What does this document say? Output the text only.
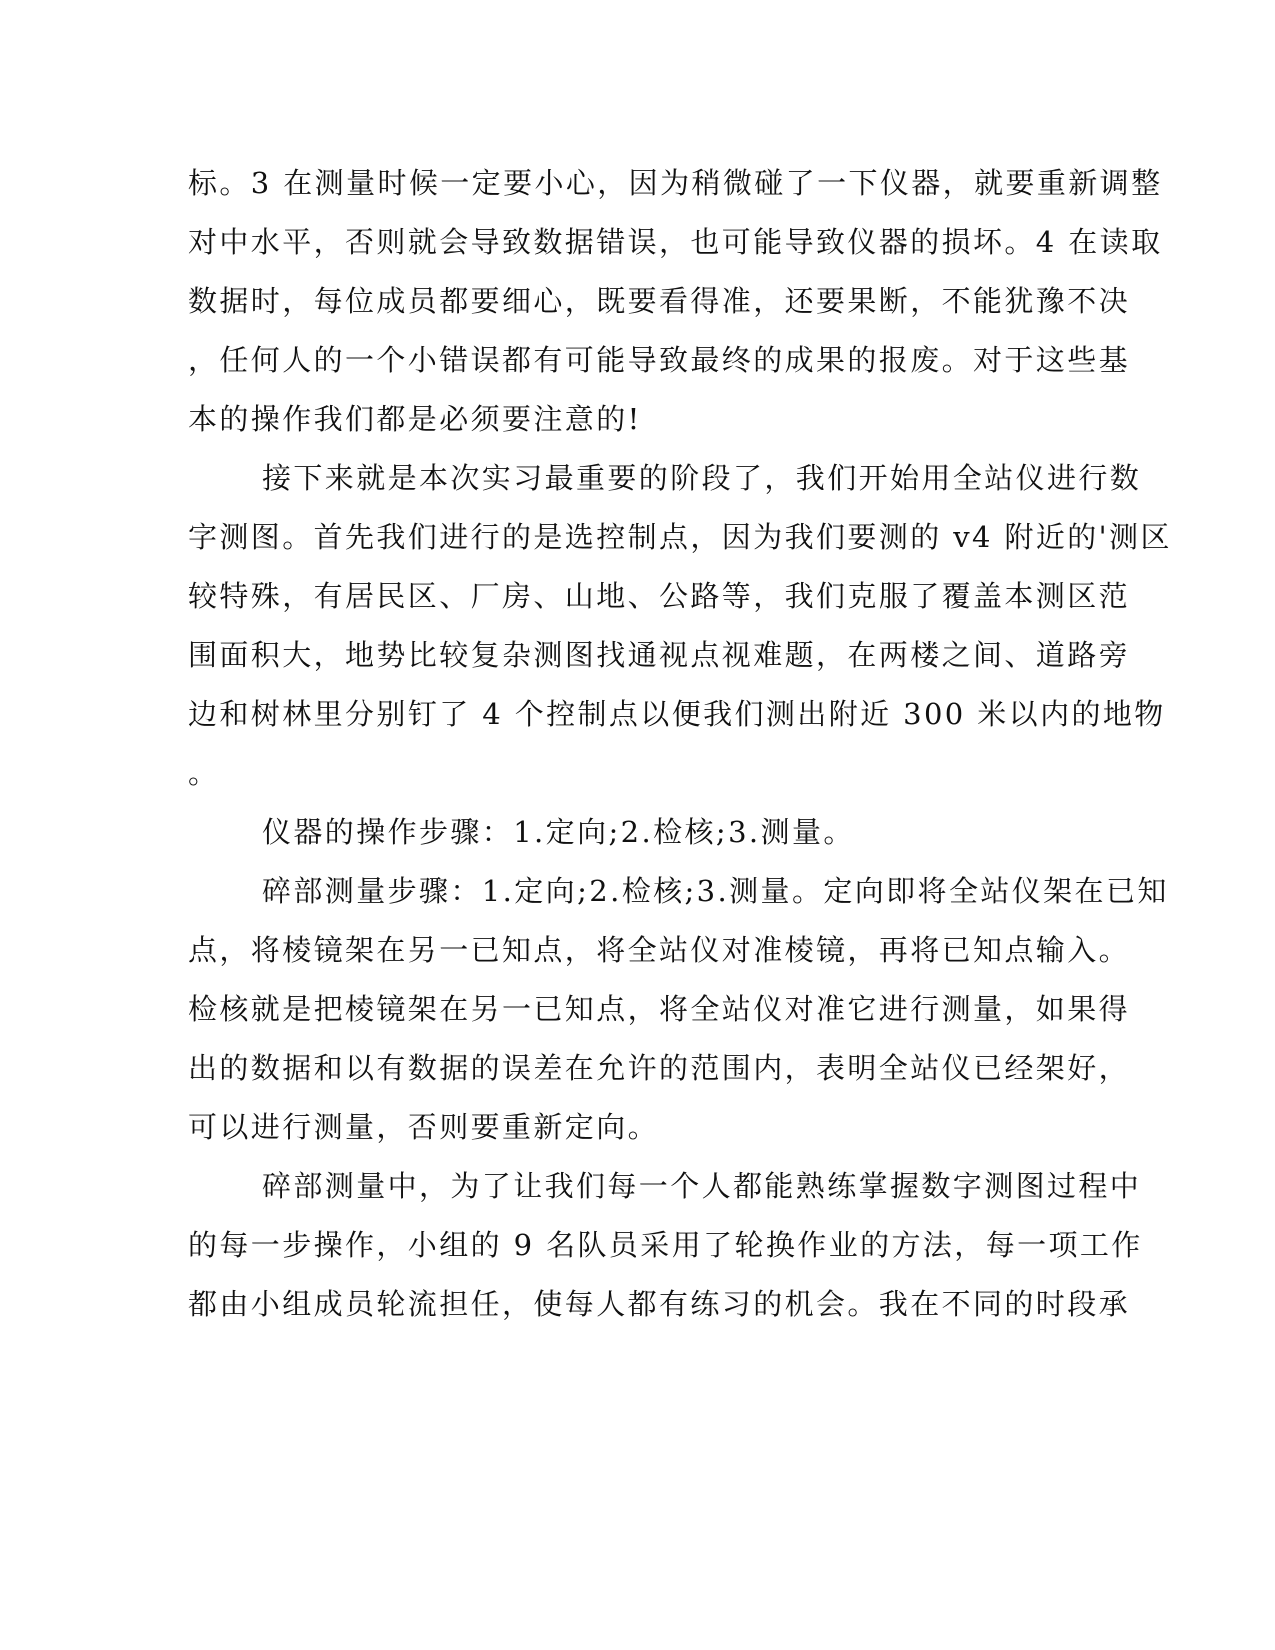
标。3 在测量时候一定要小心，因为稍微碰了一下仪器，就要重新调整
对中水平，否则就会导致数据错误，也可能导致仪器的损坏。4 在读取
数据时，每位成员都要细心，既要看得准，还要果断，不能犹豫不决
，任何人的一个小错误都有可能导致最终的成果的报废。对于这些基
本的操作我们都是必须要注意的!
接下来就是本次实习最重要的阶段了，我们开始用全站仪进行数
字测图。首先我们进行的是选控制点，因为我们要测的 v4 附近的'测区
较特殊，有居民区、厂房、山地、公路等，我们克服了覆盖本测区范
围面积大，地势比较复杂测图找通视点视难题，在两楼之间、道路旁
边和树林里分别钉了 4 个控制点以便我们测出附近 300 米以内的地物
。
仪器的操作步骤：1.定向;2.检核;3.测量。
碎部测量步骤：1.定向;2.检核;3.测量。定向即将全站仪架在已知
点，将棱镜架在另一已知点，将全站仪对准棱镜，再将已知点输入。
检核就是把棱镜架在另一已知点，将全站仪对准它进行测量，如果得
出的数据和以有数据的误差在允许的范围内，表明全站仪已经架好，
可以进行测量，否则要重新定向。
碎部测量中，为了让我们每一个人都能熟练掌握数字测图过程中
的每一步操作，小组的 9 名队员采用了轮换作业的方法，每一项工作
都由小组成员轮流担任，使每人都有练习的机会。我在不同的时段承
